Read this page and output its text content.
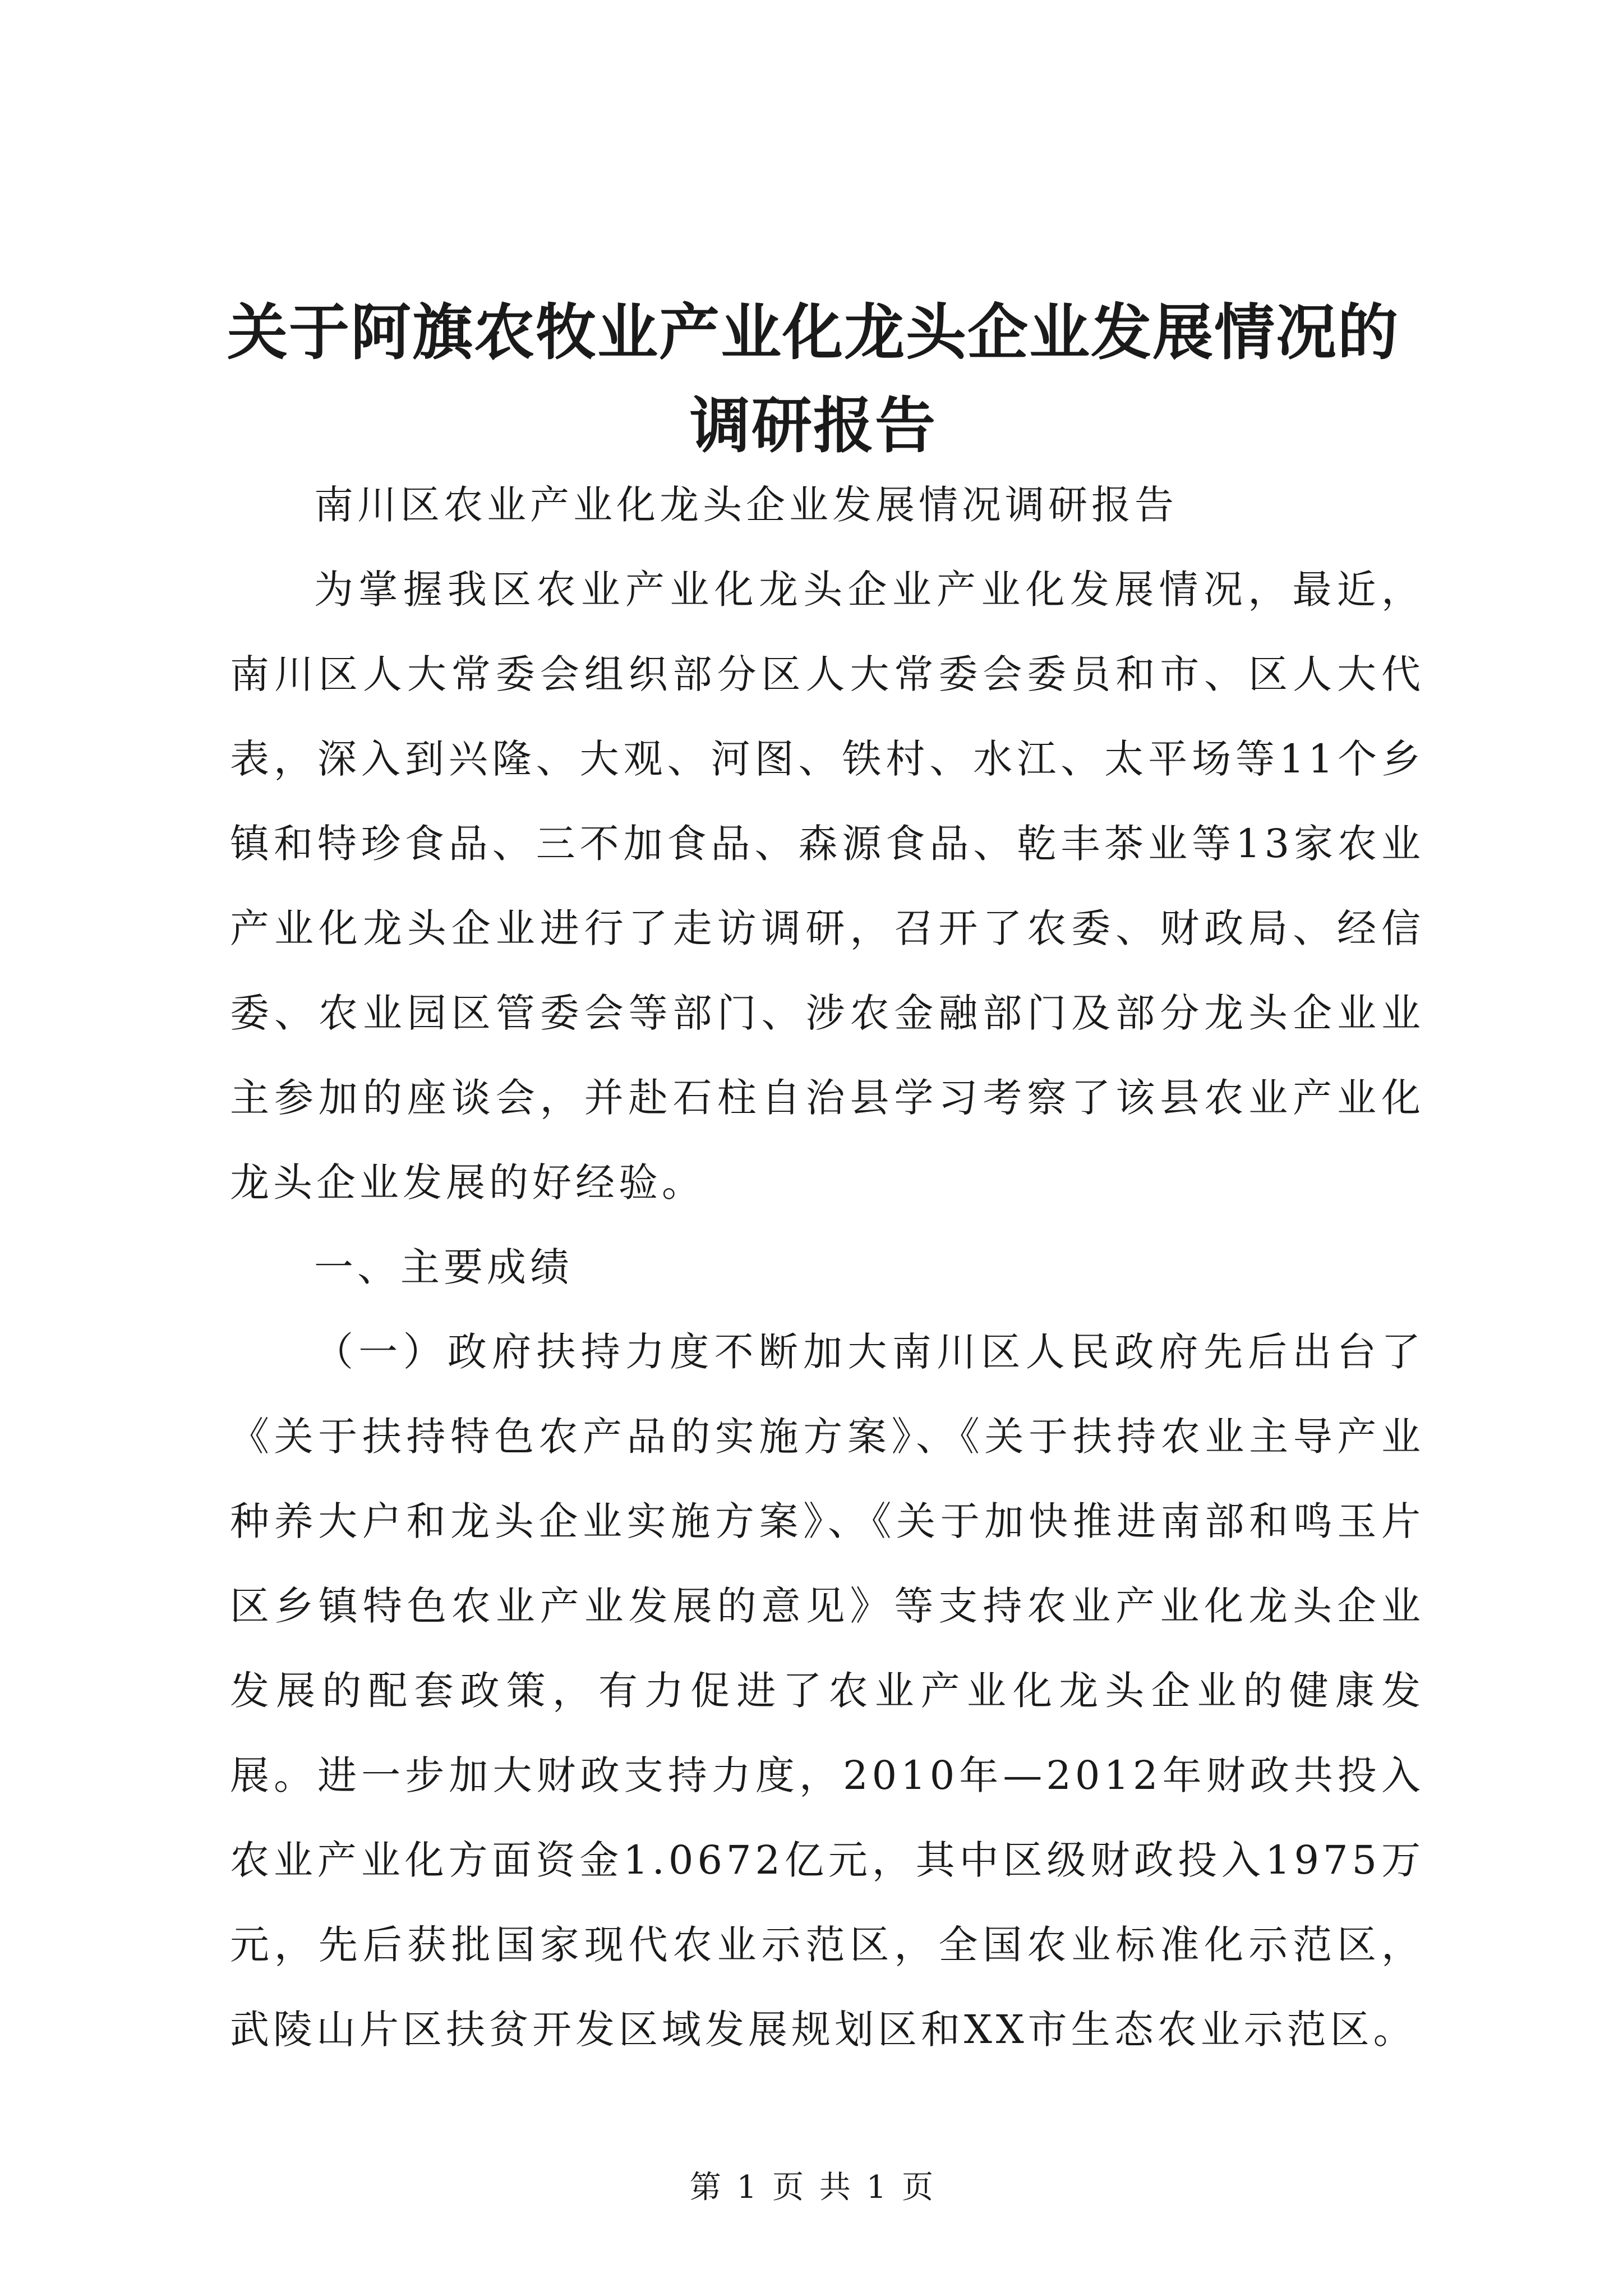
关于阿旗农牧业产业化龙头企业发展情况的调研报告

南川区农业产业化龙头企业发展情况调研报告

为掌握我区农业产业化龙头企业产业化发展情况，最近，南川区人大常委会组织部分区人大常委会委员和市、区人大代表，深入到兴隆、大观、河图、铁村、水江、太平场等11个乡镇和特珍食品、三不加食品、森源食品、乾丰茶业等13家农业产业化龙头企业进行了走访调研，召开了农委、财政局、经信委、农业园区管委会等部门、涉农金融部门及部分龙头企业业主参加的座谈会，并赴石柱自治县学习考察了该县农业产业化龙头企业发展的好经验。

一、主要成绩

（一）政府扶持力度不断加大南川区人民政府先后出台了《关于扶持特色农产品的实施方案》、《关于扶持农业主导产业种养大户和龙头企业实施方案》、《关于加快推进南部和鸣玉片区乡镇特色农业产业发展的意见》等支持农业产业化龙头企业发展的配套政策，有力促进了农业产业化龙头企业的健康发展。进一步加大财政支持力度，2010年—2012年财政共投入农业产业化方面资金1.0672亿元，其中区级财政投入1975万元，先后获批国家现代农业示范区，全国农业标准化示范区，武陵山片区扶贫开发区域发展规划区和XX市生态农业示范区。

第 1 页 共 1 页
